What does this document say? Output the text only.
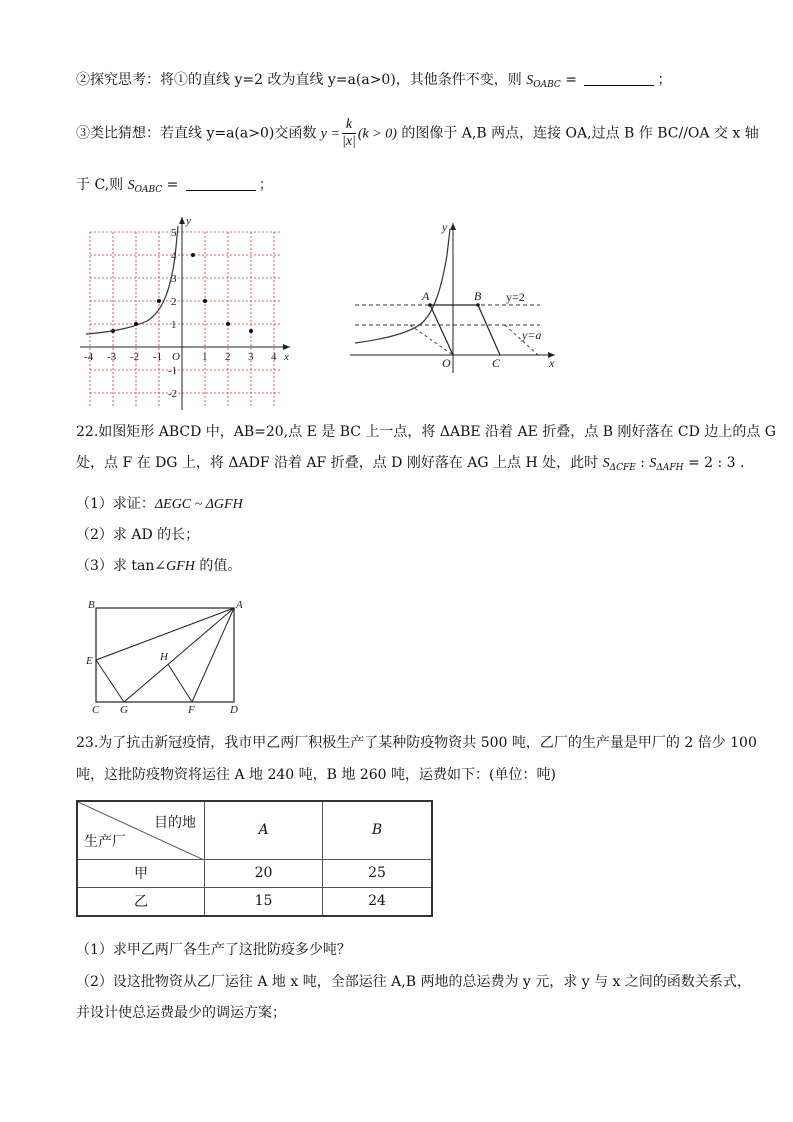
②探究思考：将①的直线 y=2 改为直线 y=a(a>0)，其他条件不变，则 $S_{OABC}$ =	；
③类比猜想：若直线 y=a(a>0)交函数 $y = \frac{k}{|x|} (k > 0)$ 的图像于 A,B 两点，连接 OA,过点 B 作 BC//OA 交 x 轴
于 C,则 $S_{OABC}$ =	；
y
x
5
4
3
2
1
-1
-2
-4 -3 -2 -1 O 1 2 3 4
y
x
A	B
O	C
y=2
y=a
22.如图矩形 ABCD 中，AB=20,点 E 是 BC 上一点，将 ΔABE 沿着 AE 折叠，点 B 刚好落在 CD 边上的点 G
处，点 F 在 DG 上，将 ΔADF 沿着 AF 折叠，点 D 刚好落在 AG 上点 H 处，此时 $S_{\Delta CFE}$ : $S_{\Delta AFH} = 2$ : 3 .
（1）求证：ΔEGC ~ ΔGFH
（2）求 AD 的长；
（3）求 tan∠GFH 的值。
B	A
E	H
C G	F	D
23.为了抗击新冠疫情，我市甲乙两厂积极生产了某种防疫物资共 500 吨，乙厂的生产量是甲厂的 2 倍少 100
吨，这批防疫物资将运往 A 地 240 吨，B 地 260 吨，运费如下：(单位：吨)
目的地
生产厂	A	B
甲	20	25
乙	15	24
（1）求甲乙两厂各生产了这批防疫多少吨？
（2）设这批物资从乙厂运往 A 地 x 吨，全部运往 A,B 两地的总运费为 y 元，求 y 与 x 之间的函数关系式，
并设计使总运费最少的调运方案；
